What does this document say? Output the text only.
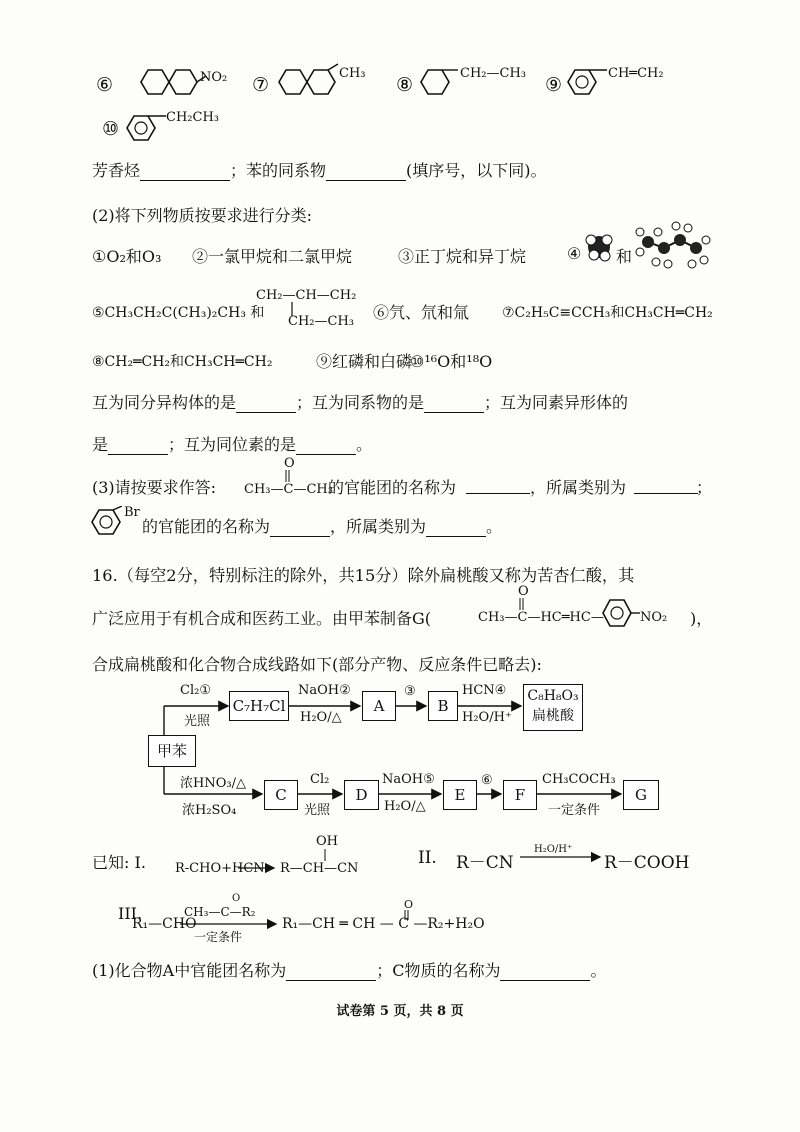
⑥	NO₂ ⑦
CH₃
⑧
CH₂—CH₃
⑨
CH═CH₂
⑩
CH₂CH₃
芳香烃	；苯的同系物	(填序号，以下同)。
(2)将下列物质按要求进行分类:
①O₂和O₃ ②一氯甲烷和二氯甲烷	③正丁烷和异丁烷	④ 和
⑤CH₃CH₂C(CH₃)₂CH₃ 和
CH₂—CH—CH₂
CH₂—CH₃ ⑥氕、氘和氚 ⑦C₂H₅C≡CCH₃和CH₃CH═CH₂
⑧CH₂═CH₂和CH₃CH═CH₂	⑨红磷和白磷
⑩¹⁶O和¹⁸O
互为同分异构体的是	；互为同系物的是	；互为同素异形体的
是	；互为同位素的是	。
(3)请按要求作答:
O
CH₃—C—CH₃
的官能团的名称为	，所属类别为	；
Br
的官能团的名称为	，所属类别为	。
16.（每空2分，特别标注的除外，共15分）除外扁桃酸又称为苦杏仁酸，其
广泛应用于有机合成和医药工业。由甲苯制备G(
O
CH₃—C—HC═HC—	NO₂ )，
合成扁桃酸和化合物合成线路如下(部分产物、反应条件已略去):
甲苯
Cl₂①
光照
C₇H₇Cl
NaOH②
H₂O/△
A
③
B
HCN④
H₂O/H⁺
C₈H₈O₃
扁桃酸
浓HNO₃/△
浓H₂SO₄
C
Cl₂
光照
D
NaOH⑤
H₂O/△
E
⑥
F
CH₃COCH₃
一定条件
G
已知: I.
OH
R-CHO+HCN R—CH—CN
II. R－CN
H₂O/H⁺
R－COOH
III.
R₁—CHO
O
CH₃—C—R₂
一定条件
O
R₁—CH ═ CH — C —R₂+H₂O
(1)化合物A中官能团名称为	；C物质的名称为	。
试卷第 5 页，共 8 页
